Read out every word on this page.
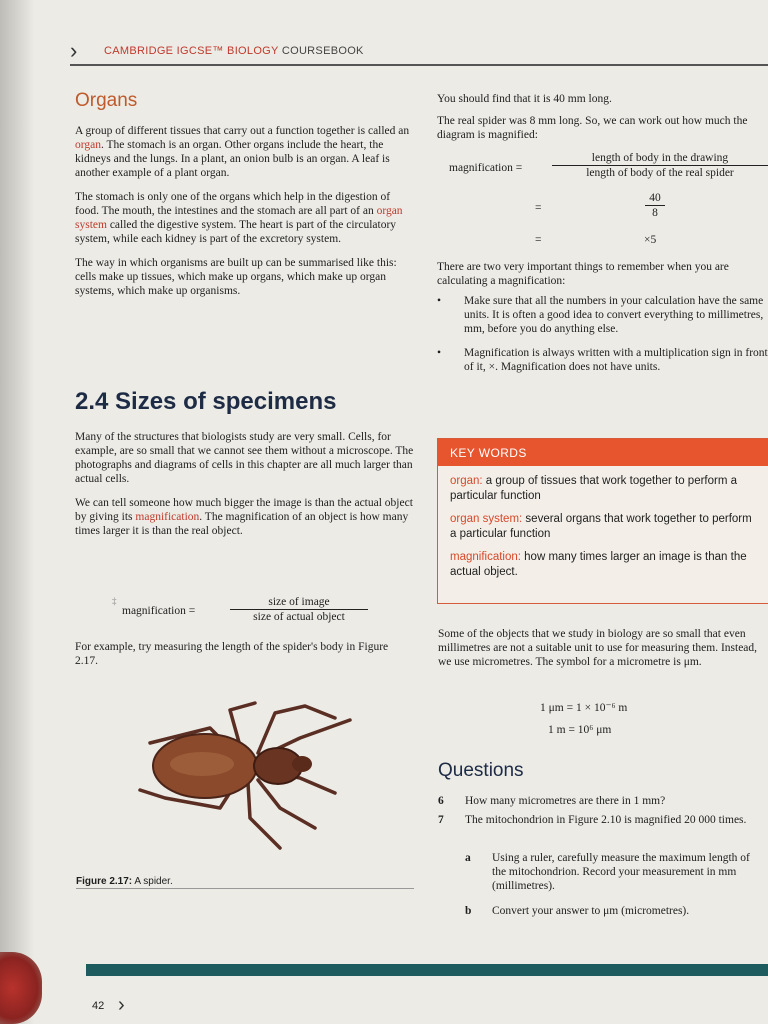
› CAMBRIDGE IGCSE™ BIOLOGY COURSEBOOK
Organs

A group of different tissues that carry out a function together is called an organ. The stomach is an organ. Other organs include the heart, the kidneys and the lungs. In a plant, an onion bulb is an organ. A leaf is another example of a plant organ.

The stomach is only one of the organs which help in the digestion of food. The mouth, the intestines and the stomach are all part of an organ system called the digestive system. The heart is part of the circulatory system, while each kidney is part of the excretory system.

The way in which organisms are built up can be summarised like this: cells make up tissues, which make up organs, which make up organ systems, which make up organisms.

2.4 Sizes of specimens

Many of the structures that biologists study are very small. Cells, for example, are so small that we cannot see them without a microscope. The photographs and diagrams of cells in this chapter are all much larger than actual cells.

We can tell someone how much bigger the image is than the actual object by giving its magnification. The magnification of an object is how many times larger it is than the real object.

‡
magnification =
size of image
size of actual object

For example, try measuring the length of the spider's body in Figure 2.17.

Figure 2.17: A spider.

You should find that it is 40 mm long.

The real spider was 8 mm long. So, we can work out how much the diagram is magnified:

magnification =
length of body in the drawing
length of body of the real spider
=	$\frac{40}{8}$
=	×5

There are two very important things to remember when you are calculating a magnification:

• Make sure that all the numbers in your calculation have the same units. It is often a good idea to convert everything to millimetres, mm, before you do anything else.
• Magnification is always written with a multiplication sign in front of it, ×. Magnification does not have units.
KEY WORDS
organ: a group of tissues that work together to perform a particular function
organ system: several organs that work together to perform a particular function
magnification: how many times larger an image is than the actual object.

Some of the objects that we study in biology are so small that even millimetres are not a suitable unit to use for measuring them. Instead, we use micrometres. The symbol for a micrometre is μm.

1 μm = 1 × 10⁻⁶ m
1 m = 10⁶ μm
Questions
6 How many micrometres are there in 1 mm?
7 The mitochondrion in Figure 2.10 is magnified 20 000 times.
a Using a ruler, carefully measure the maximum length of the mitochondrion. Record your measurement in mm (millimetres).
b Convert your answer to μm (micrometres).
42 ›
